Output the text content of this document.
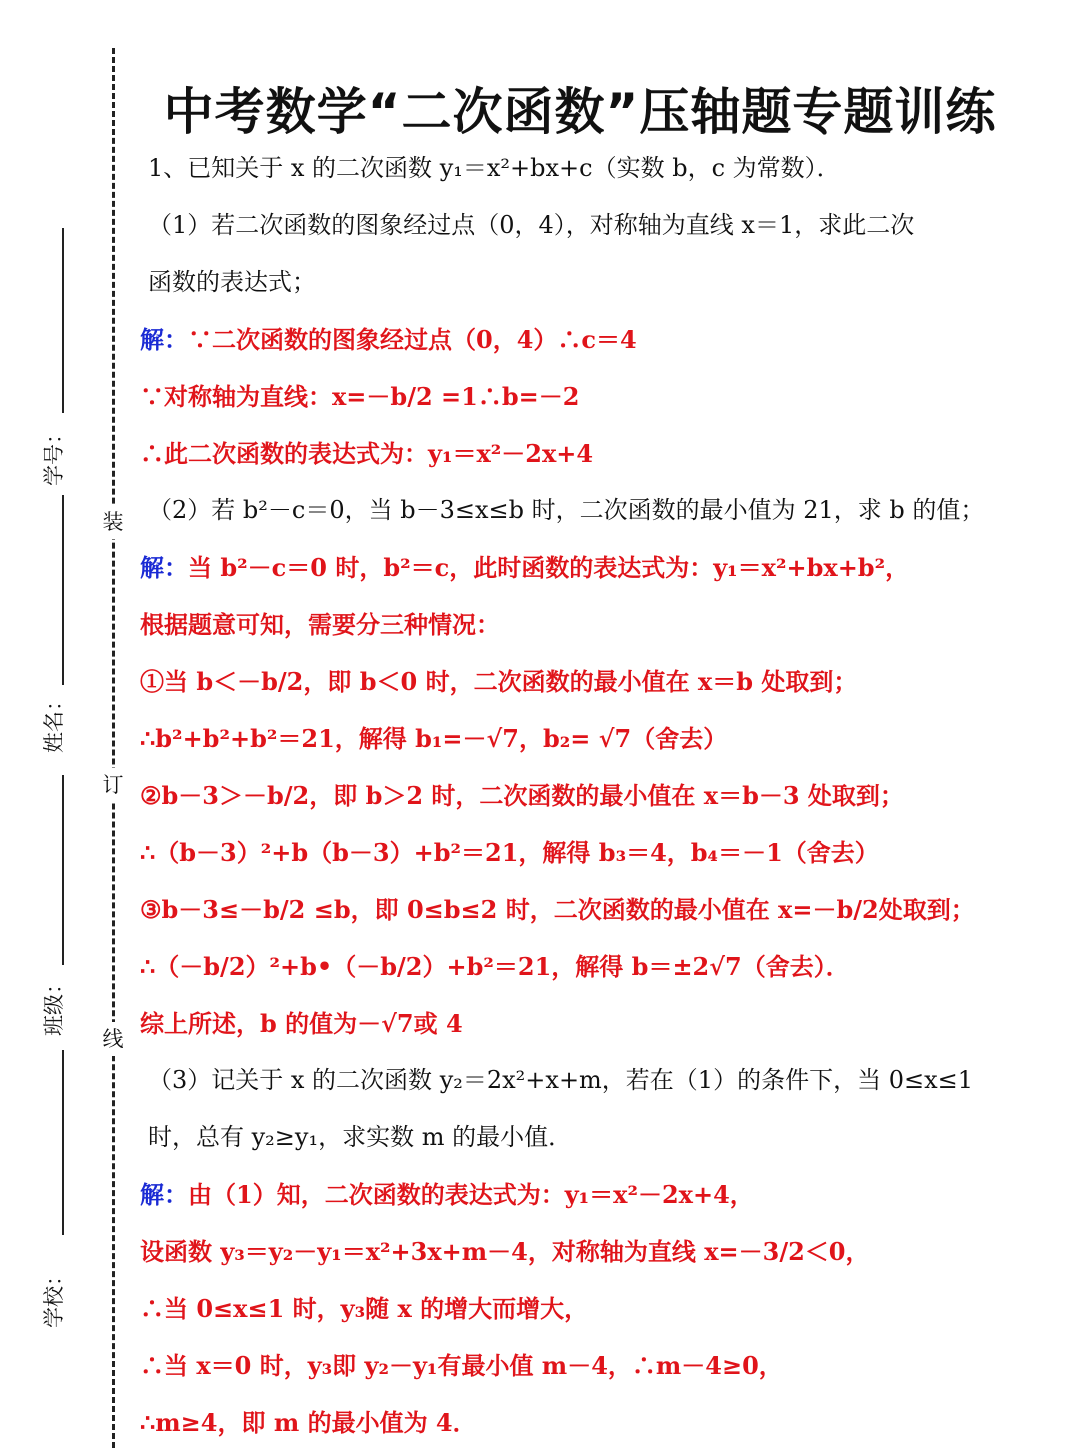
装
订
线
学号：
姓名：
班级：
学校：
中考数学“二次函数”压轴题专题训练
1、已知关于 x 的二次函数 y₁＝x²+bx+c（实数 b，c 为常数）．
（1）若二次函数的图象经过点（0，4），对称轴为直线 x＝1，求此二次
函数的表达式；
解：∵二次函数的图象经过点（0，4）∴c＝4
∵对称轴为直线：x=－b/2 =1∴b=－2
∴此二次函数的表达式为：y₁＝x²－2x+4
（2）若 b²－c＝0，当 b－3≤x≤b 时，二次函数的最小值为 21，求 b 的值；
解：当 b²－c＝0 时，b²＝c，此时函数的表达式为：y₁＝x²+bx+b²，
根据题意可知，需要分三种情况：
①当 b＜－b/2，即 b＜0 时，二次函数的最小值在 x＝b 处取到；
∴b²+b²+b²＝21，解得 b₁=－√7，b₂= √7（舍去）
②b－3＞－b/2，即 b＞2 时，二次函数的最小值在 x＝b－3 处取到；
∴（b－3）²+b（b－3）+b²＝21，解得 b₃＝4，b₄＝－1（舍去）
③b－3≤－b/2 ≤b，即 0≤b≤2 时，二次函数的最小值在 x=－b/2处取到；
∴（－b/2）²+b•（－b/2）+b²＝21，解得 b＝±2√7（舍去）．
综上所述，b 的值为－√7或 4
（3）记关于 x 的二次函数 y₂＝2x²+x+m，若在（1）的条件下，当 0≤x≤1
时，总有 y₂≥y₁，求实数 m 的最小值．
解：由（1）知，二次函数的表达式为：y₁＝x²－2x+4，
设函数 y₃＝y₂－y₁＝x²+3x+m－4，对称轴为直线 x=－3/2＜0，
∴当 0≤x≤1 时，y₃随 x 的增大而增大，
∴当 x＝0 时，y₃即 y₂－y₁有最小值 m－4，∴m－4≥0，
∴m≥4，即 m 的最小值为 4．
